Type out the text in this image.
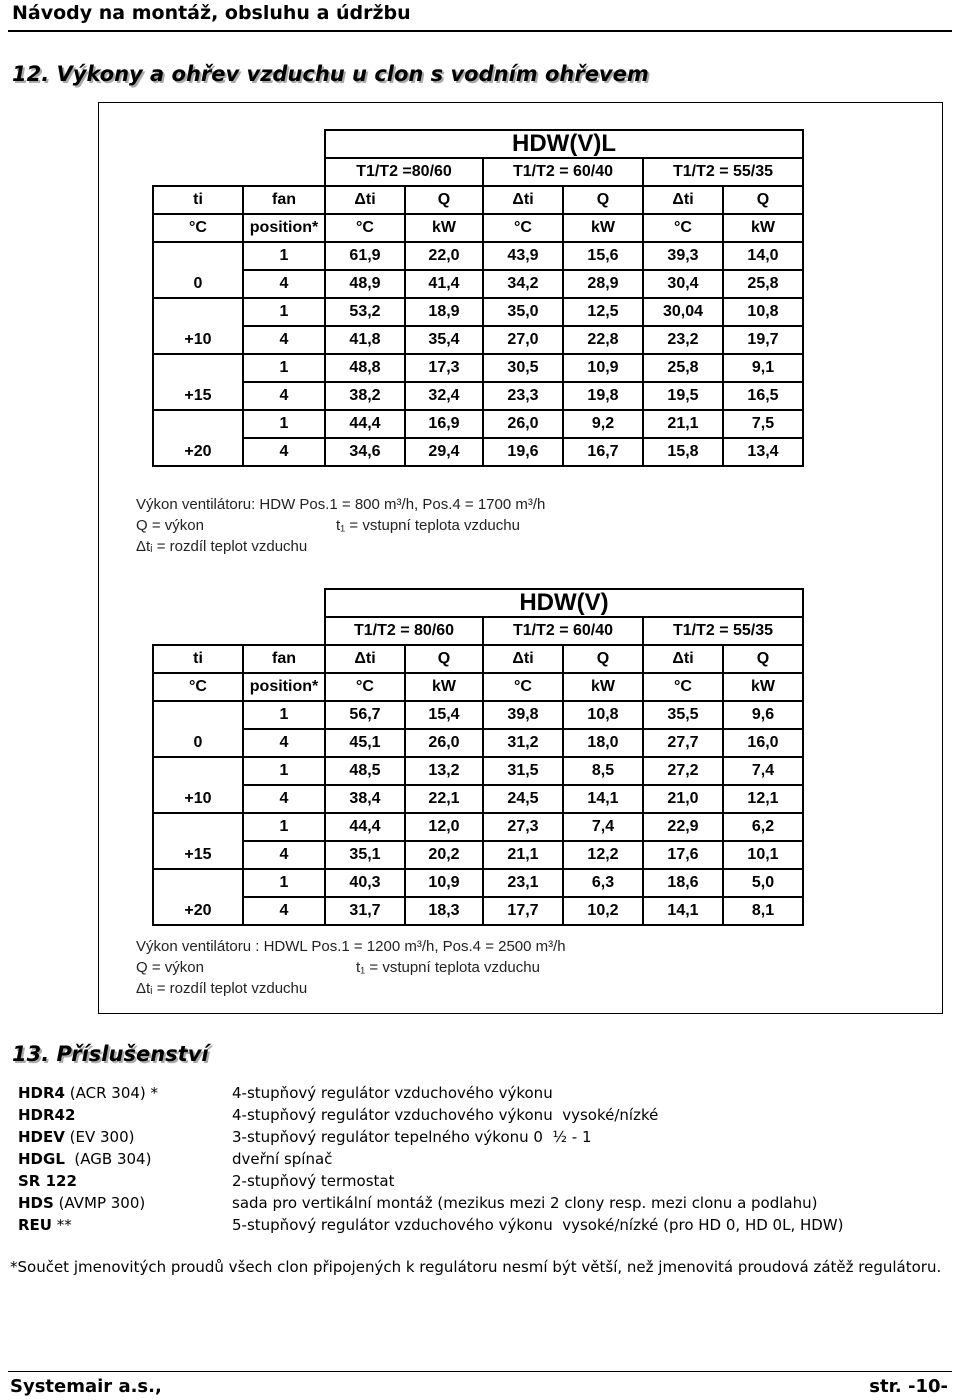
Návody na montáž, obsluhu a údržbu
12. Výkony a ohřev vzduchu u clon s vodním ohřevem
		HDW(V)L					
		T1/T2 =80/60		T1/T2 = 60/40		T1/T2 = 55/35	
ti	fan	Δti	Q	Δti	Q	Δti	Q
°C	position*	°C	kW	°C	kW	°C	kW
	1	61,9	22,0	43,9	15,6	39,3	14,0
0	4	48,9	41,4	34,2	28,9	30,4	25,8
	1	53,2	18,9	35,0	12,5	30,04	10,8
+10	4	41,8	35,4	27,0	22,8	23,2	19,7
	1	48,8	17,3	30,5	10,9	25,8	9,1
+15	4	38,2	32,4	23,3	19,8	19,5	16,5
	1	44,4	16,9	26,0	9,2	21,1	7,5
+20	4	34,6	29,4	19,6	16,7	15,8	13,4
Výkon ventilátoru: HDW Pos.1 = 800 m³/h, Pos.4 = 1700 m³/h
Q = výkon	t₁ = vstupní teplota vzduchu
Δtᵢ = rozdíl teplot vzduchu
		HDW(V)					
		T1/T2 = 80/60		T1/T2 = 60/40		T1/T2 = 55/35	
ti	fan	Δti	Q	Δti	Q	Δti	Q
°C	position*	°C	kW	°C	kW	°C	kW
	1	56,7	15,4	39,8	10,8	35,5	9,6
0	4	45,1	26,0	31,2	18,0	27,7	16,0
	1	48,5	13,2	31,5	8,5	27,2	7,4
+10	4	38,4	22,1	24,5	14,1	21,0	12,1
	1	44,4	12,0	27,3	7,4	22,9	6,2
+15	4	35,1	20,2	21,1	12,2	17,6	10,1
	1	40,3	10,9	23,1	6,3	18,6	5,0
+20	4	31,7	18,3	17,7	10,2	14,1	8,1
Výkon ventilátoru : HDWL Pos.1 = 1200 m³/h, Pos.4 = 2500 m³/h
Q = výkon	t₁ = vstupní teplota vzduchu
Δtᵢ = rozdíl teplot vzduchu
13. Příslušenství
HDR4 (ACR 304) *	4-stupňový regulátor vzduchového výkonu
HDR42	4-stupňový regulátor vzduchového výkonu  vysoké/nízké
HDEV (EV 300)	3-stupňový regulátor tepelného výkonu 0  ½ - 1
HDGL  (AGB 304)	dveřní spínač
SR 122	2-stupňový termostat
HDS (AVMP 300)	sada pro vertikální montáž (mezikus mezi 2 clony resp. mezi clonu a podlahu)
REU **	5-stupňový regulátor vzduchového výkonu  vysoké/nízké (pro HD 0, HD 0L, HDW)
*Součet jmenovitých proudů všech clon připojených k regulátoru nesmí být větší, než jmenovitá proudová zátěž regulátoru.
Systemair a.s.,	str. -10-
